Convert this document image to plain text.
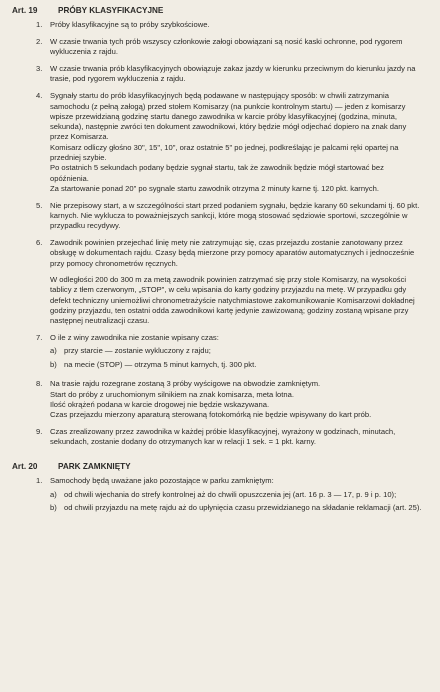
Art. 19	PRÓBY KLASYFIKACYJNE
1.	Próby klasyfikacyjne są to próby szybkościowe.

2.	W czasie trwania tych prób wszyscy członkowie załogi obowiązani są nosić kaski ochronne, pod rygorem wykluczenia z rajdu.

3.	W czasie trwania prób klasyfikacyjnych obowiązuje zakaz jazdy w kierunku przeciwnym do kierunku jazdy na trasie, pod rygorem wykluczenia z rajdu.

4.	Sygnały startu do prób klasyfikacyjnych będą podawane w następujący sposób: w chwili zatrzymania samochodu (z pełną załogą) przed stołem Komisarzy (na punkcie kontrolnym startu) — jeden z komisarzy wpisze przewidzianą godzinę startu danego zawodnika w karcie próby klasyfikacyjnej (godzina, minuta, sekunda), następnie zwróci ten dokument zawodnikowi, który będzie mógł odjechać dopiero na znak dany przez Komisarza.

Komisarz odliczy głośno 30", 15", 10", oraz ostatnie 5" po jednej, podkreślając je palcami ręki opartej na przedniej szybie.

Po ostatnich 5 sekundach podany będzie sygnał startu, tak że zawodnik będzie mógł startować bez opóźnienia.

Za startowanie ponad 20" po sygnale startu zawodnik otrzyma 2 minuty karne tj. 120 pkt. karnych.

5.	Nie przepisowy start, a w szczególności start przed podaniem sygnału, będzie karany 60 sekundami tj. 60 pkt. karnych. Nie wyklucza to poważniejszych sankcji, które mogą stosować sędziowie sportowi, szczególnie w przypadku recydywy.

6.	Zawodnik powinien przejechać linię mety nie zatrzymując się, czas przejazdu zostanie zanotowany przez obsługę w dokumentach rajdu. Czasy będą mierzone przy pomocy aparatów automatycznych i jednocześnie przy pomocy chronometrów ręcznych.

W odległości 200 do 300 m za metą zawodnik powinien zatrzymać się przy stole Komisarzy, na wysokości tablicy z tłem czerwonym, „STOP", w celu wpisania do karty godziny przyjazdu na metę. W przypadku gdy defekt techniczny uniemożliwi chronometrażyście natychmiastowe zakomunikowanie Komisarzowi dokładnej godziny przyjazdu, ten ostatni odda zawodnikowi kartę jedynie zawizowaną; godziny zostaną wpisane przy następnej neutralizacji czasu.

7.	O ile z winy zawodnika nie zostanie wpisany czas:

a) przy starcie — zostanie wykluczony z rajdu;
b) na mecie (STOP) — otrzyma 5 minut karnych, tj. 300 pkt.
8.	Na trasie rajdu rozegrane zostaną 3 próby wyścigowe na obwodzie zamkniętym.

Start do próby z uruchomionym silnikiem na znak komisarza, meta lotna.

Ilość okrążeń podana w karcie drogowej nie będzie wskazywana.

Czas przejazdu mierzony aparaturą sterowaną fotokomórką nie będzie wpisywany do kart prób.

9.	Czas zrealizowany przez zawodnika w każdej próbie klasyfikacyjnej, wyrażony w godzinach, minutach, sekundach, zostanie dodany do otrzymanych kar w relacji 1 sek. = 1 pkt. karny.

Art. 20	PARK ZAMKNIĘTY
1.	Samochody będą uważane jako pozostające w parku zamkniętym:

a) od chwili wjechania do strefy kontrolnej aż do chwili opuszczenia jej (art. 16 p. 3 — 17, p. 9 i p. 10);
b) od chwili przyjazdu na metę rajdu aż do upłynięcia czasu przewidzianego na składanie reklamacji (art. 25).
